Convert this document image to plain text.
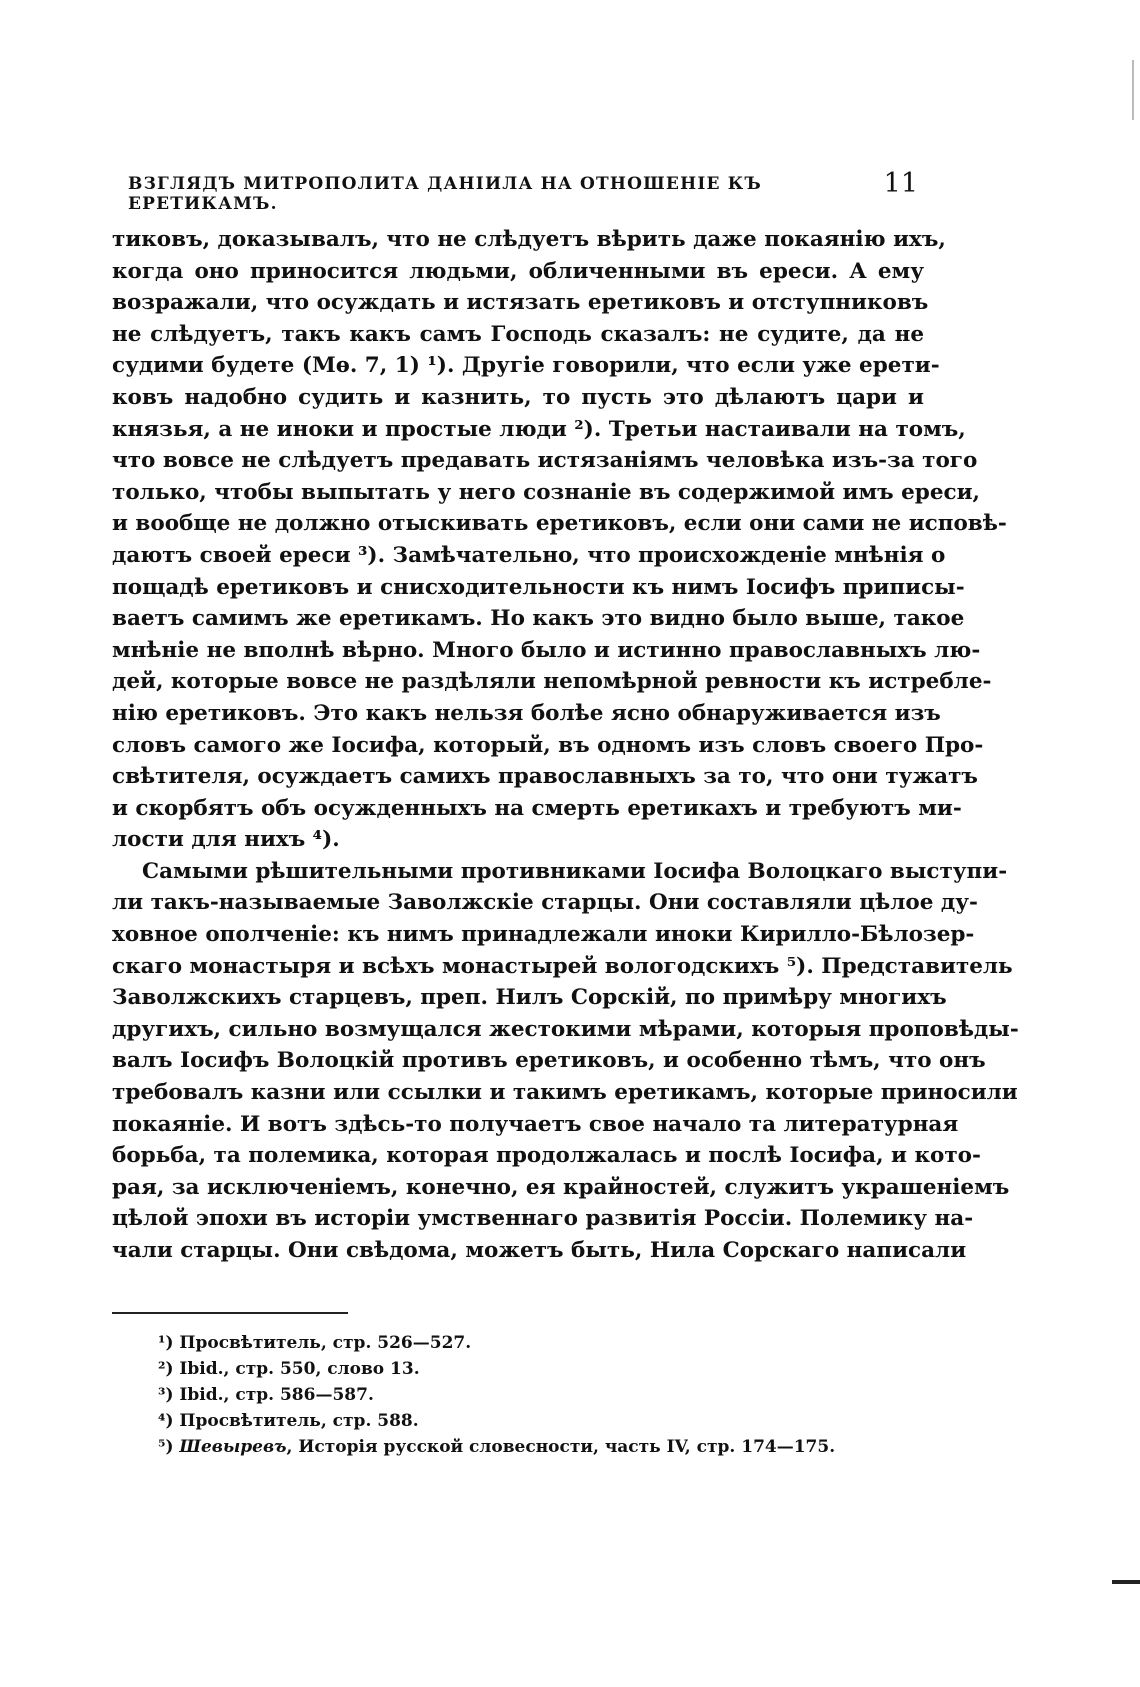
ВЗГЛЯДЪ МИТРОПОЛИТА ДАНІИЛА НА ОТНОШЕНІЕ КЪ ЕРЕТИКАМЪ.
11
тиковъ, доказывалъ, что не слѣдуетъ вѣрить даже покаянію ихъ,
когда оно приносится людьми, обличенными въ ереси. А ему
возражали, что осуждать и истязать еретиковъ и отступниковъ
не слѣдуетъ, такъ какъ самъ Господь сказалъ: не судите, да не
судими будете (Мѳ. 7, 1) ¹). Другіе говорили, что если уже ерети-
ковъ надобно судить и казнить, то пусть это дѣлаютъ цари и
князья, а не иноки и простые люди ²). Третьи настаивали на томъ,
что вовсе не слѣдуетъ предавать истязаніямъ человѣка изъ-за того
только, чтобы выпытать у него сознаніе въ содержимой имъ ереси,
и вообще не должно отыскивать еретиковъ, если они сами не исповѣ-
даютъ своей ереси ³). Замѣчательно, что происхожденіе мнѣнія о
пощадѣ еретиковъ и снисходительности къ нимъ Іосифъ приписы-
ваетъ самимъ же еретикамъ. Но какъ это видно было выше, такое
мнѣніе не вполнѣ вѣрно. Много было и истинно православныхъ лю-
дей, которые вовсе не раздѣляли непомѣрной ревности къ истребле-
нію еретиковъ. Это какъ нельзя болѣе ясно обнаруживается изъ
словъ самого же Іосифа, который, въ одномъ изъ словъ своего Про-
свѣтителя, осуждаетъ самихъ православныхъ за то, что они тужатъ
и скорбятъ объ осужденныхъ на смерть еретикахъ и требуютъ ми-
лости для нихъ ⁴).
Самыми рѣшительными противниками Іосифа Волоцкаго выступи-
ли такъ-называемые Заволжскіе старцы. Они составляли цѣлое ду-
ховное ополченіе: къ нимъ принадлежали иноки Кирилло-Бѣлозер-
скаго монастыря и всѣхъ монастырей вологодскихъ ⁵). Представитель
Заволжскихъ старцевъ, преп. Нилъ Сорскій, по примѣру многихъ
другихъ, сильно возмущался жестокими мѣрами, которыя проповѣды-
валъ Іосифъ Волоцкій противъ еретиковъ, и особенно тѣмъ, что онъ
требовалъ казни или ссылки и такимъ еретикамъ, которые приносили
покаяніе. И вотъ здѣсь-то получаетъ свое начало та литературная
борьба, та полемика, которая продолжалась и послѣ Іосифа, и кото-
рая, за исключеніемъ, конечно, ея крайностей, служитъ украшеніемъ
цѣлой эпохи въ исторіи умственнаго развитія Россіи. Полемику на-
чали старцы. Они свѣдома, можетъ быть, Нила Сорскаго написали
¹) Просвѣтитель, стр. 526—527.
²) Ibid., стр. 550, слово 13.
³) Ibid., стр. 586—587.
⁴) Просвѣтитель, стр. 588.
⁵) Шевыревъ, Исторія русской словесности, часть IV, стр. 174—175.
